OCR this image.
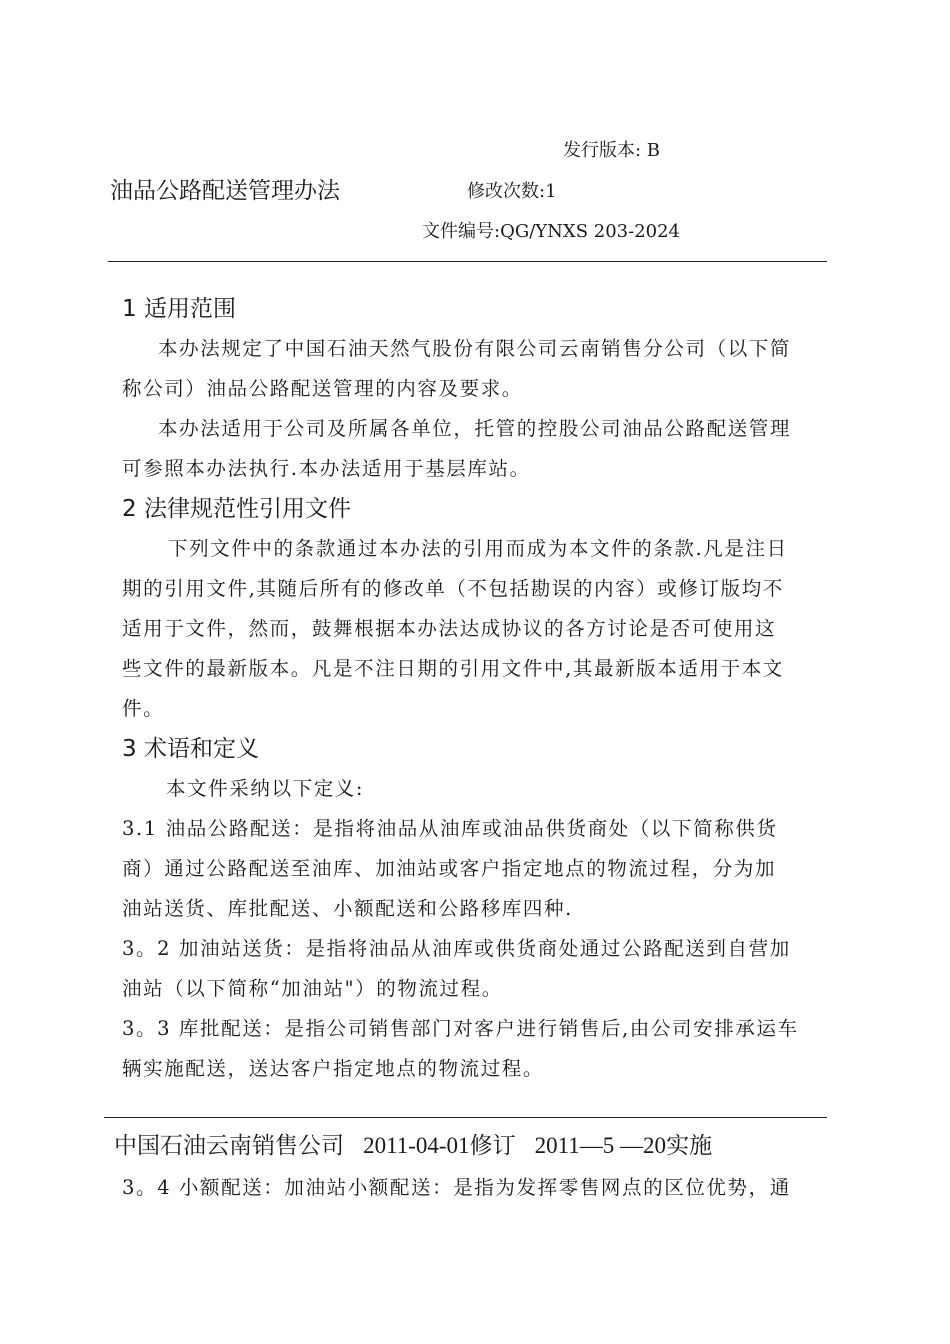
发行版本: B
油品公路配送管理办法	修改次数:1
文件编号:QG/YNXS 203-2024
1 适用范围
本办法规定了中国石油天然气股份有限公司云南销售分公司（以下简
称公司）油品公路配送管理的内容及要求。
本办法适用于公司及所属各单位，托管的控股公司油品公路配送管理
可参照本办法执行.本办法适用于基层库站。
2 法律规范性引用文件
下列文件中的条款通过本办法的引用而成为本文件的条款.凡是注日
期的引用文件,其随后所有的修改单（不包括勘误的内容）或修订版均不
适用于文件，然而，鼓舞根据本办法达成协议的各方讨论是否可使用这
些文件的最新版本。凡是不注日期的引用文件中,其最新版本适用于本文
件。
3 术语和定义
本文件采纳以下定义:
3.1 油品公路配送：是指将油品从油库或油品供货商处（以下简称供货
商）通过公路配送至油库、加油站或客户指定地点的物流过程，分为加
油站送货、库批配送、小额配送和公路移库四种.
3。2 加油站送货：是指将油品从油库或供货商处通过公路配送到自营加
油站（以下简称“加油站"）的物流过程。
3。3 库批配送：是指公司销售部门对客户进行销售后,由公司安排承运车
辆实施配送，送达客户指定地点的物流过程。
中国石油云南销售公司 2011-04-01修订 2011—5 —20实施
3。4 小额配送：加油站小额配送：是指为发挥零售网点的区位优势，通
